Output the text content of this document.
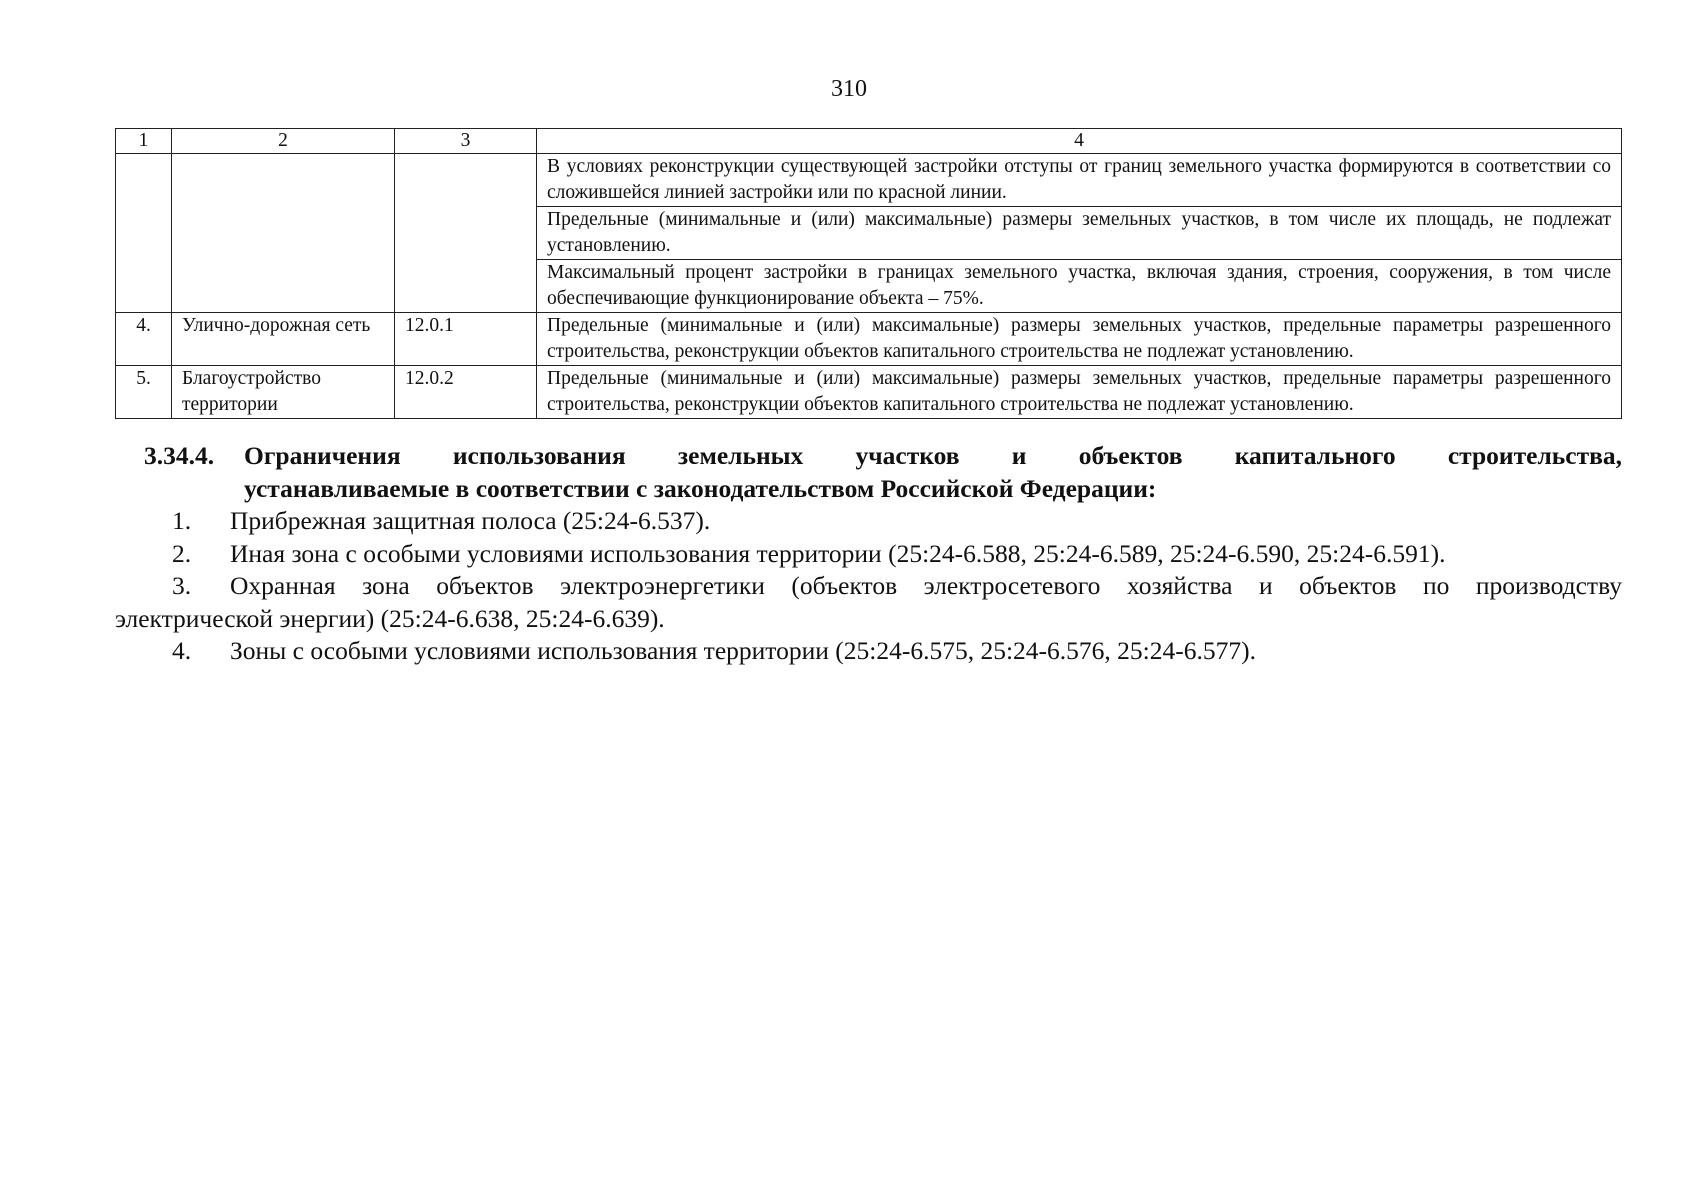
310
1	2	3	4
			В условиях реконструкции существующей застройки отступы от границ земельного участка формируются в соответствии со сложившейся линией застройки или по красной линии.
			Предельные (минимальные и (или) максимальные) размеры земельных участков, в том числе их площадь, не подлежат установлению.
			Максимальный процент застройки в границах земельного участка, включая здания, строения, сооружения, в том числе обеспечивающие функционирование объекта – 75%.
4.	Улично-дорожная сеть	12.0.1	Предельные (минимальные и (или) максимальные) размеры земельных участков, предельные параметры разрешенного строительства, реконструкции объектов капитального строительства не подлежат установлению.
5.	Благоустройство территории	12.0.2	Предельные (минимальные и (или) максимальные) размеры земельных участков, предельные параметры разрешенного строительства, реконструкции объектов капитального строительства не подлежат установлению.
3.34.4.	Ограничения использования земельных участков и объектов капитального строительства,
устанавливаемые в соответствии с законодательством Российской Федерации:
1. Прибрежная защитная полоса (25:24-6.537).
2. Иная зона с особыми условиями использования территории (25:24-6.588, 25:24-6.589, 25:24-6.590, 25:24-6.591).
3. Охранная зона объектов электроэнергетики (объектов электросетевого хозяйства и объектов по производству
электрической энергии) (25:24-6.638, 25:24-6.639).
4. Зоны с особыми условиями использования территории (25:24-6.575, 25:24-6.576, 25:24-6.577).
